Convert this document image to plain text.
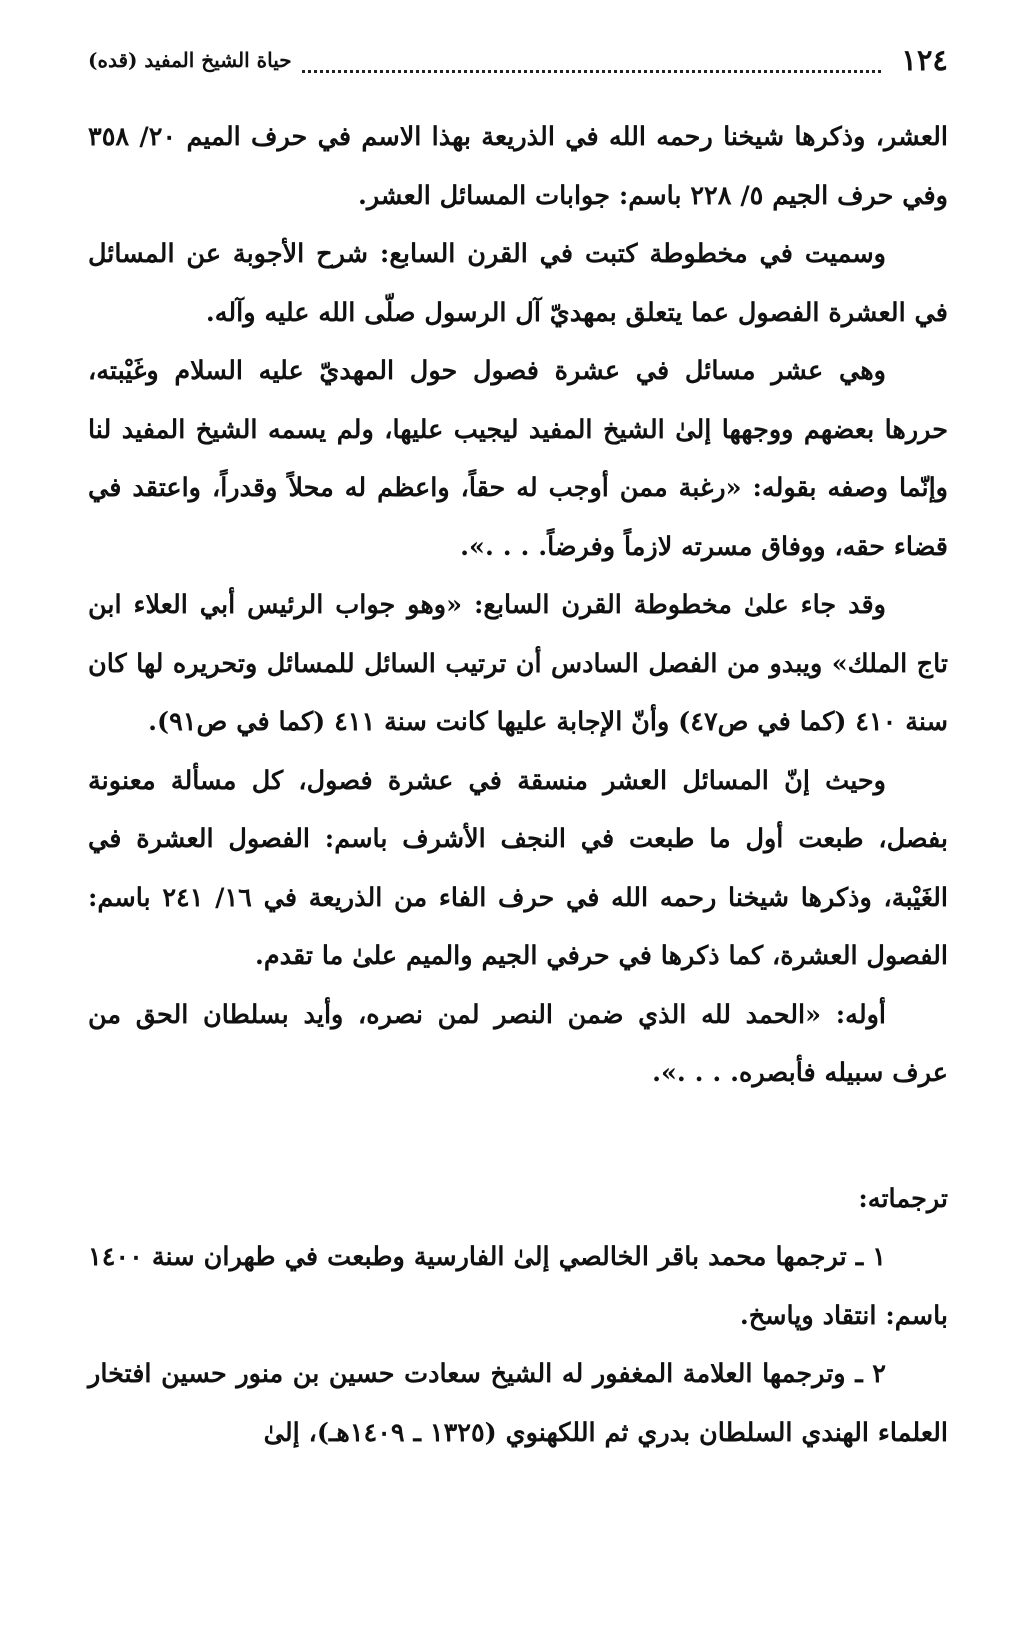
١٢٤
حياة الشيخ المفيد (قده)

العشر، وذكرها شيخنا رحمه الله في الذريعة بهذا الاسم في حرف الميم ٢٠/ ٣٥٨ وفي حرف الجيم ٥/ ٢٢٨ باسم: جوابات المسائل العشر.

وسميت في مخطوطة كتبت في القرن السابع: شرح الأجوبة عن المسائل في العشرة الفصول عما يتعلق بمهديّ آل الرسول صلّى الله عليه وآله.

وهي عشر مسائل في عشرة فصول حول المهديّ عليه السلام وغَيْبته، حررها بعضهم ووجهها إلىٰ الشيخ المفيد ليجيب عليها، ولم يسمه الشيخ المفيد لنا وإنّما وصفه بقوله: «رغبة ممن أوجب له حقاً، واعظم له محلاً وقدراً، واعتقد في قضاء حقه، ووفاق مسرته لازماً وفرضاً. . . .».

وقد جاء علىٰ مخطوطة القرن السابع: «وهو جواب الرئيس أبي العلاء ابن تاج الملك» ويبدو من الفصل السادس أن ترتيب السائل للمسائل وتحريره لها كان سنة ٤١٠ (كما في ص٤٧) وأنّ الإجابة عليها كانت سنة ٤١١ (كما في ص٩١).

وحيث إنّ المسائل العشر منسقة في عشرة فصول، كل مسألة معنونة بفصل، طبعت أول ما طبعت في النجف الأشرف باسم: الفصول العشرة في الغَيْبة، وذكرها شيخنا رحمه الله في حرف الفاء من الذريعة في ١٦/ ٢٤١ باسم: الفصول العشرة، كما ذكرها في حرفي الجيم والميم علىٰ ما تقدم.

أوله: «الحمد لله الذي ضمن النصر لمن نصره، وأيد بسلطان الحق من عرف سبيله فأبصره. . . .».

ترجماته:

١ ـ ترجمها محمد باقر الخالصي إلىٰ الفارسية وطبعت في طهران سنة ١٤٠٠ باسم: انتقاد وپاسخ.

٢ ـ وترجمها العلامة المغفور له الشيخ سعادت حسين بن منور حسين افتخار العلماء الهندي السلطان بدري ثم اللكهنوي (١٣٢٥ ـ ١٤٠٩هـ)، إلىٰ
